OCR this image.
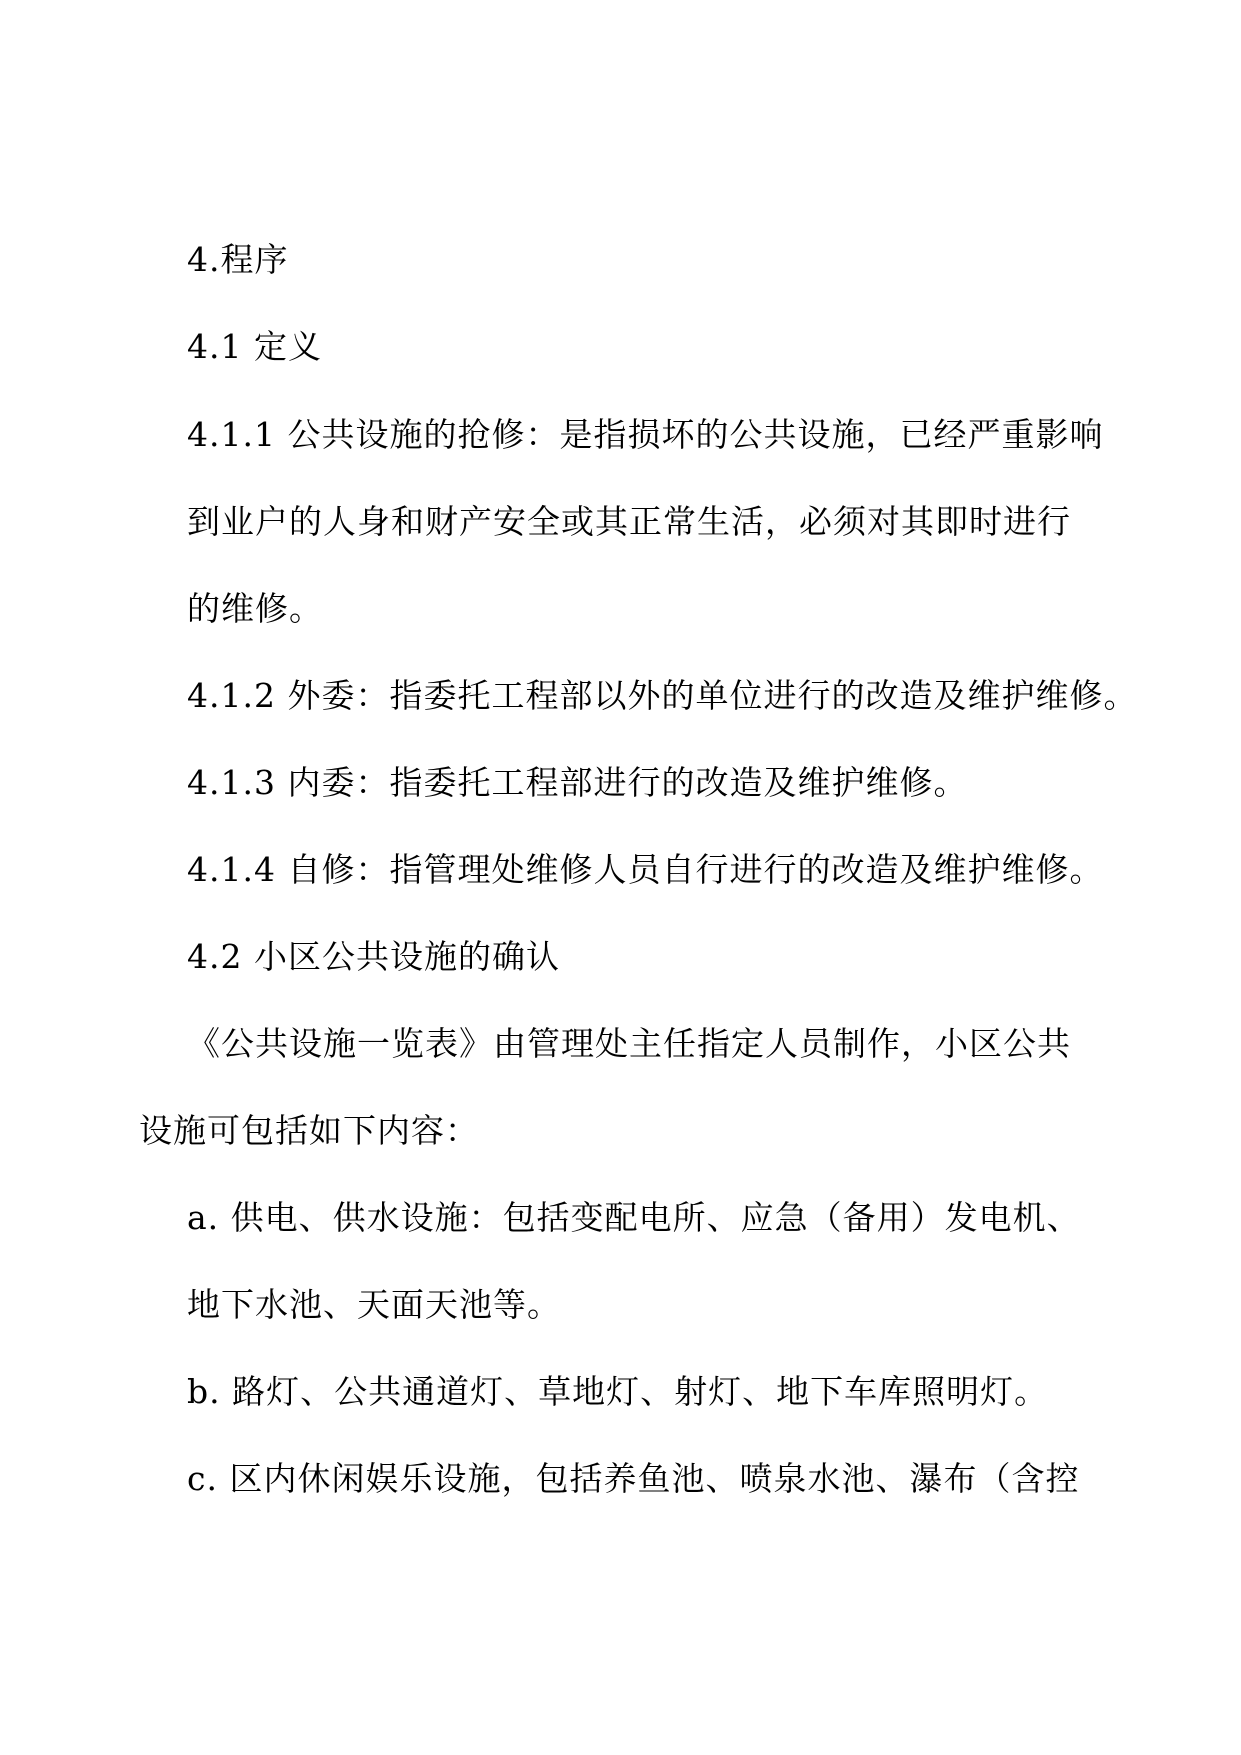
4.程序
4.1 定义
4.1.1 公共设施的抢修：是指损坏的公共设施，已经严重影响
到业户的人身和财产安全或其正常生活，必须对其即时进行
的维修。
4.1.2 外委：指委托工程部以外的单位进行的改造及维护维修。
4.1.3 内委：指委托工程部进行的改造及维护维修。
4.1.4 自修：指管理处维修人员自行进行的改造及维护维修。
4.2 小区公共设施的确认
《公共设施一览表》由管理处主任指定人员制作，小区公共
设施可包括如下内容：
a. 供电、供水设施：包括变配电所、应急（备用）发电机、
地下水池、天面天池等。
b. 路灯、公共通道灯、草地灯、射灯、地下车库照明灯。
c. 区内休闲娱乐设施，包括养鱼池、喷泉水池、瀑布（含控
